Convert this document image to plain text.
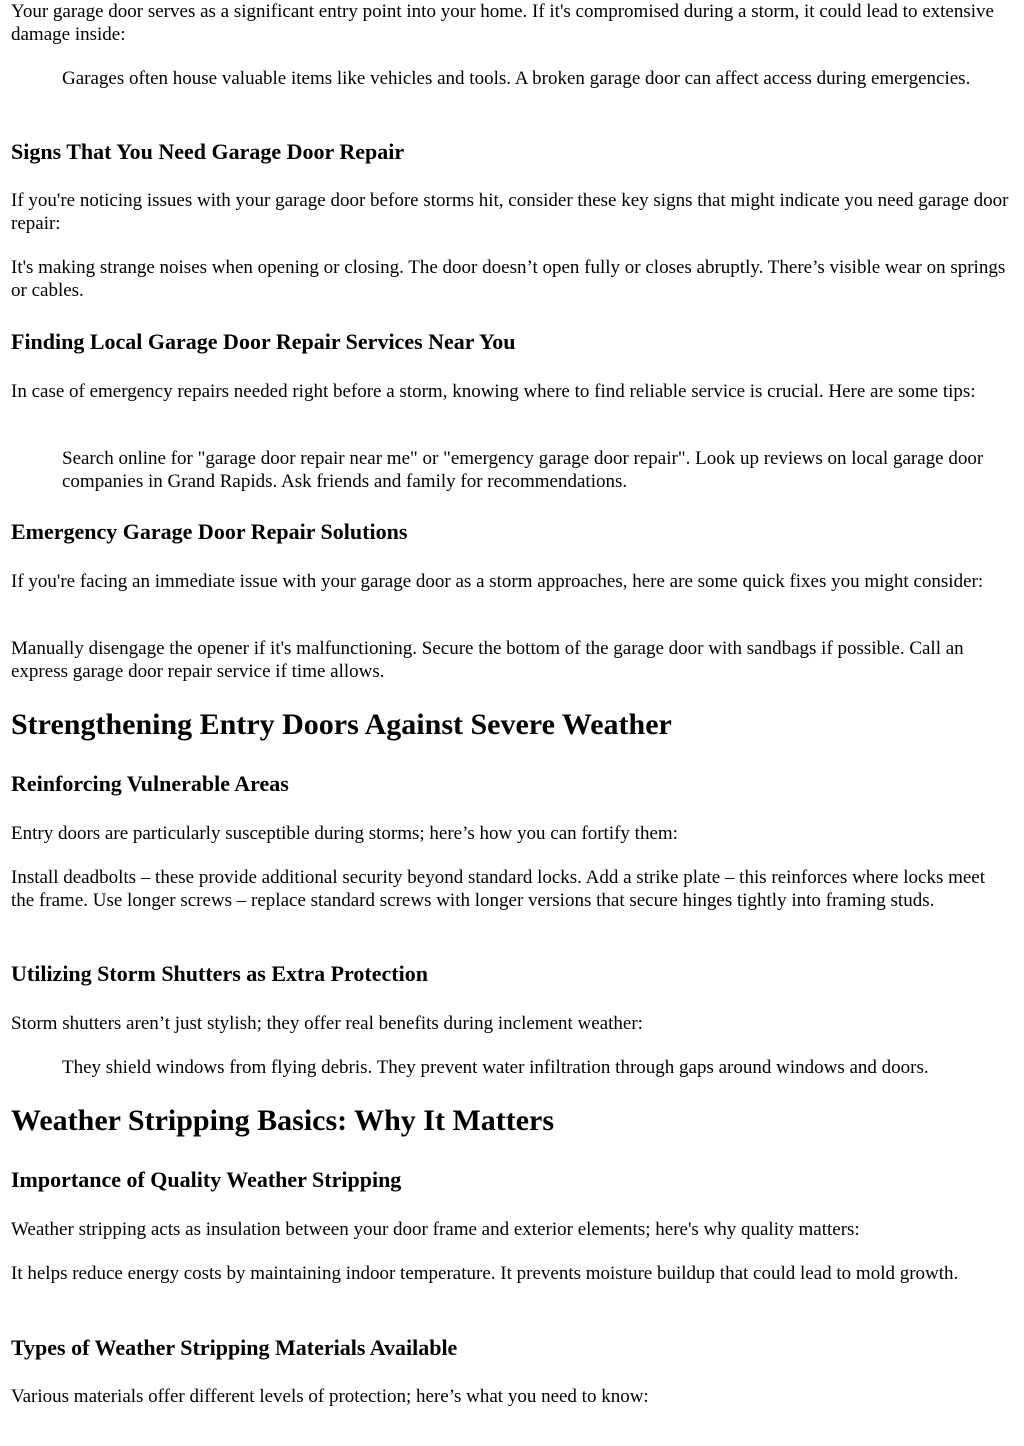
Your garage door serves as a significant entry point into your home. If it's compromised during a storm, it could lead to extensive damage inside:

Garages often house valuable items like vehicles and tools. A broken garage door can affect access during emergencies.
Signs That You Need Garage Door Repair

If you're noticing issues with your garage door before storms hit, consider these key signs that might indicate you need garage door repair:

It's making strange noises when opening or closing. The door doesn’t open fully or closes abruptly. There’s visible wear on springs or cables.

Finding Local Garage Door Repair Services Near You

In case of emergency repairs needed right before a storm, knowing where to find reliable service is crucial. Here are some tips:

Search online for "garage door repair near me" or "emergency garage door repair". Look up reviews on local garage door companies in Grand Rapids. Ask friends and family for recommendations.
Emergency Garage Door Repair Solutions

If you're facing an immediate issue with your garage door as a storm approaches, here are some quick fixes you might consider:

Manually disengage the opener if it's malfunctioning. Secure the bottom of the garage door with sandbags if possible. Call an express garage door repair service if time allows.

Strengthening Entry Doors Against Severe Weather
Reinforcing Vulnerable Areas

Entry doors are particularly susceptible during storms; here’s how you can fortify them:

Install deadbolts – these provide additional security beyond standard locks. Add a strike plate – this reinforces where locks meet the frame. Use longer screws – replace standard screws with longer versions that secure hinges tightly into framing studs.

Utilizing Storm Shutters as Extra Protection

Storm shutters aren’t just stylish; they offer real benefits during inclement weather:

They shield windows from flying debris. They prevent water infiltration through gaps around windows and doors.
Weather Stripping Basics: Why It Matters
Importance of Quality Weather Stripping

Weather stripping acts as insulation between your door frame and exterior elements; here's why quality matters:

It helps reduce energy costs by maintaining indoor temperature. It prevents moisture buildup that could lead to mold growth.

Types of Weather Stripping Materials Available

Various materials offer different levels of protection; here’s what you need to know:
